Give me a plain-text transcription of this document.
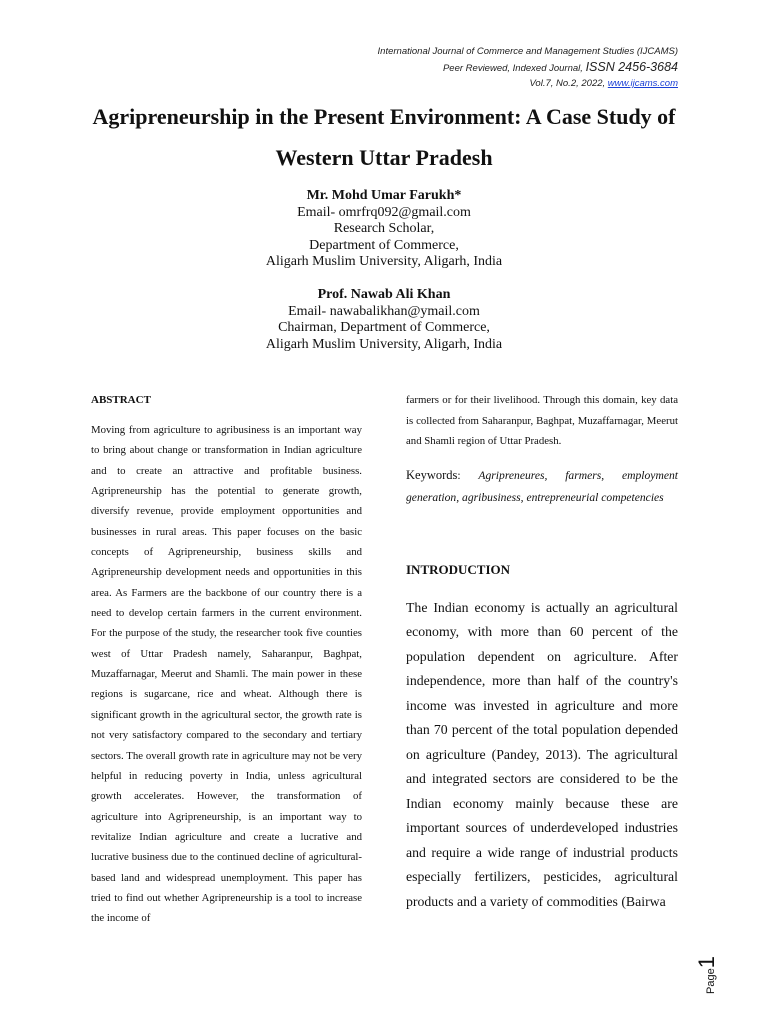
International Journal of Commerce and Management Studies (IJCAMS)
Peer Reviewed, Indexed Journal, ISSN 2456-3684
Vol.7, No.2, 2022, www.ijcams.com
Agripreneurship in the Present Environment: A Case Study of Western Uttar Pradesh
Mr. Mohd Umar Farukh*
Email- omrfrq092@gmail.com
Research Scholar,
Department of Commerce,
Aligarh Muslim University, Aligarh, India
Prof. Nawab Ali Khan
Email- nawabalikhan@ymail.com
Chairman, Department of Commerce,
Aligarh Muslim University, Aligarh, India
ABSTRACT

Moving from agriculture to agribusiness is an important way to bring about change or transformation in Indian agriculture and to create an attractive and profitable business. Agripreneurship has the potential to generate growth, diversify revenue, provide employment opportunities and businesses in rural areas. This paper focuses on the basic concepts of Agripreneurship, business skills and Agripreneurship development needs and opportunities in this area. As Farmers are the backbone of our country there is a need to develop certain farmers in the current environment. For the purpose of the study, the researcher took five counties west of Uttar Pradesh namely, Saharanpur, Baghpat, Muzaffarnagar, Meerut and Shamli. The main power in these regions is sugarcane, rice and wheat. Although there is significant growth in the agricultural sector, the growth rate is not very satisfactory compared to the secondary and tertiary sectors. The overall growth rate in agriculture may not be very helpful in reducing poverty in India, unless agricultural growth accelerates. However, the transformation of agriculture into Agripreneurship, is an important way to revitalize Indian agriculture and create a lucrative and lucrative business due to the continued decline of agricultural-based land and widespread unemployment. This paper has tried to find out whether Agripreneurship is a tool to increase the income of

farmers or for their livelihood. Through this domain, key data is collected from Saharanpur, Baghpat, Muzaffarnagar, Meerut and Shamli region of Uttar Pradesh.

Keywords: Agripreneures, farmers, employment generation, agribusiness, entrepreneurial competencies

INTRODUCTION

The Indian economy is actually an agricultural economy, with more than 60 percent of the population dependent on agriculture. After independence, more than half of the country's income was invested in agriculture and more than 70 percent of the total population depended on agriculture (Pandey, 2013). The agricultural and integrated sectors are considered to be the Indian economy mainly because these are important sources of underdeveloped industries and require a wide range of industrial products especially fertilizers, pesticides, agricultural products and a variety of commodities (Bairwa

Page1
